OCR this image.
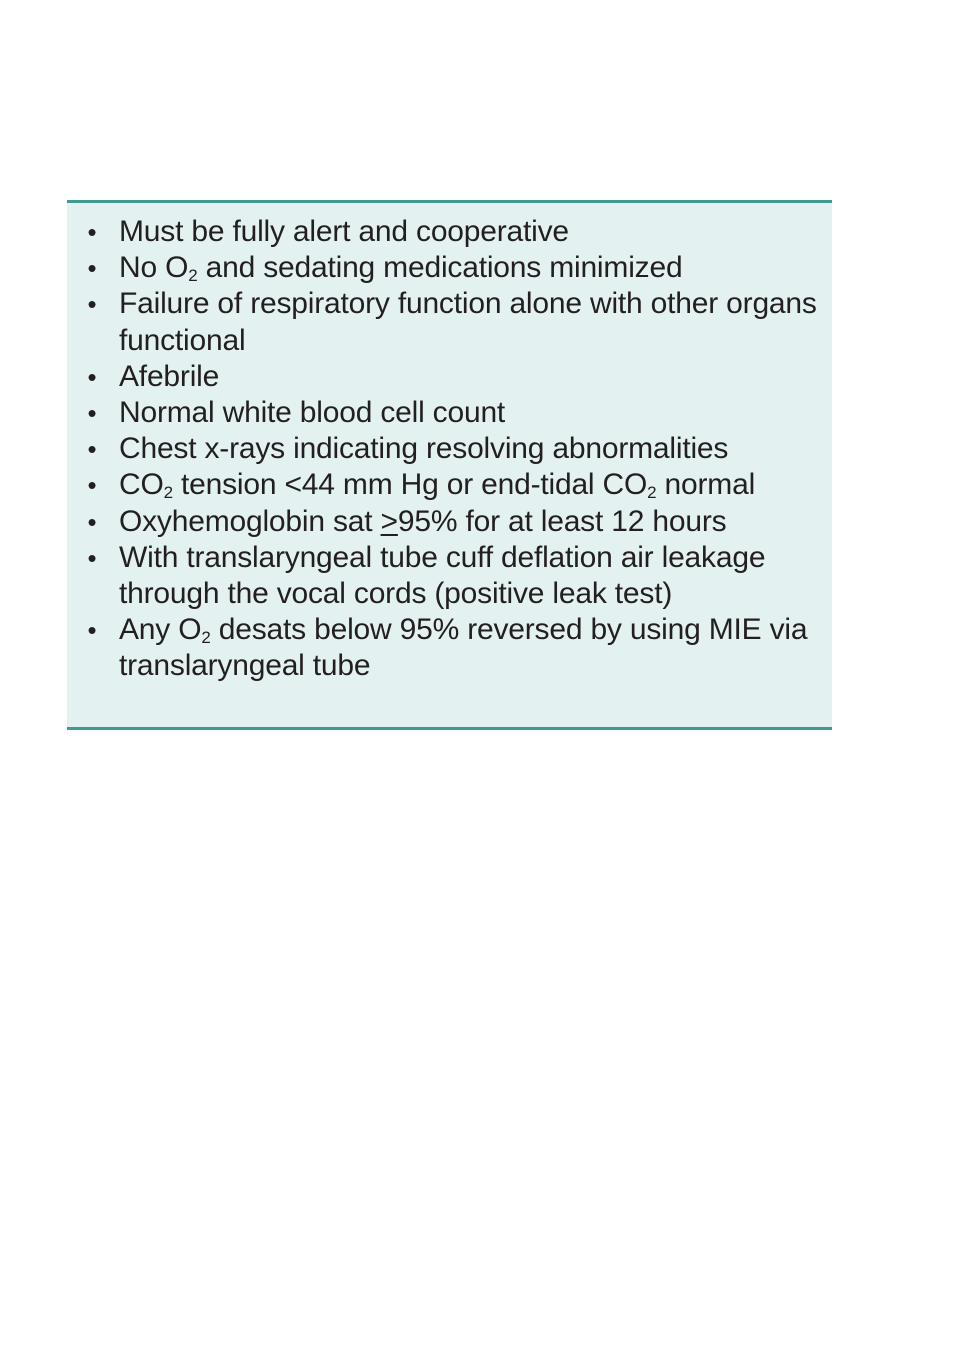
• Must be fully alert and cooperative
• No $O_2$ and sedating medications minimized
• Failure of respiratory function alone with other organs functional
• Afebrile
• Normal white blood cell count
• Chest x-rays indicating resolving abnormalities
• $CO_2$ tension <44 mm Hg or end-tidal $CO_2$ normal
• Oxyhemoglobin sat ≥95% for at least 12 hours
• With translaryngeal tube cuff deflation air leakage through the vocal cords (positive leak test)
• Any $O_2$ desats below 95% reversed by using MIE via translaryngeal tube
